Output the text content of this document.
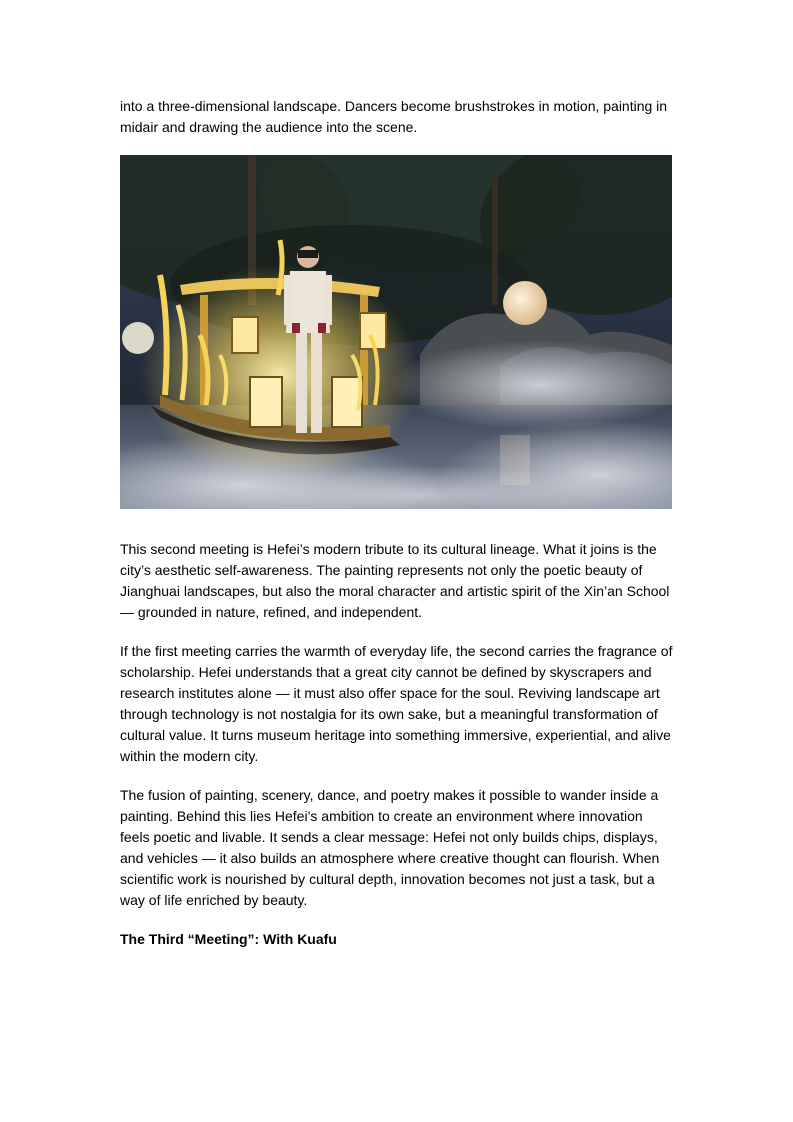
into a three-dimensional landscape. Dancers become brushstrokes in motion, painting in midair and drawing the audience into the scene.

This second meeting is Hefei’s modern tribute to its cultural lineage. What it joins is the city’s aesthetic self-awareness. The painting represents not only the poetic beauty of Jianghuai landscapes, but also the moral character and artistic spirit of the Xin’an School — grounded in nature, refined, and independent.

If the first meeting carries the warmth of everyday life, the second carries the fragrance of scholarship. Hefei understands that a great city cannot be defined by skyscrapers and research institutes alone — it must also offer space for the soul. Reviving landscape art through technology is not nostalgia for its own sake, but a meaningful transformation of cultural value. It turns museum heritage into something immersive, experiential, and alive within the modern city.

The fusion of painting, scenery, dance, and poetry makes it possible to wander inside a painting. Behind this lies Hefei’s ambition to create an environment where innovation feels poetic and livable. It sends a clear message: Hefei not only builds chips, displays, and vehicles — it also builds an atmosphere where creative thought can flourish. When scientific work is nourished by cultural depth, innovation becomes not just a task, but a way of life enriched by beauty.

The Third “Meeting”: With Kuafu
